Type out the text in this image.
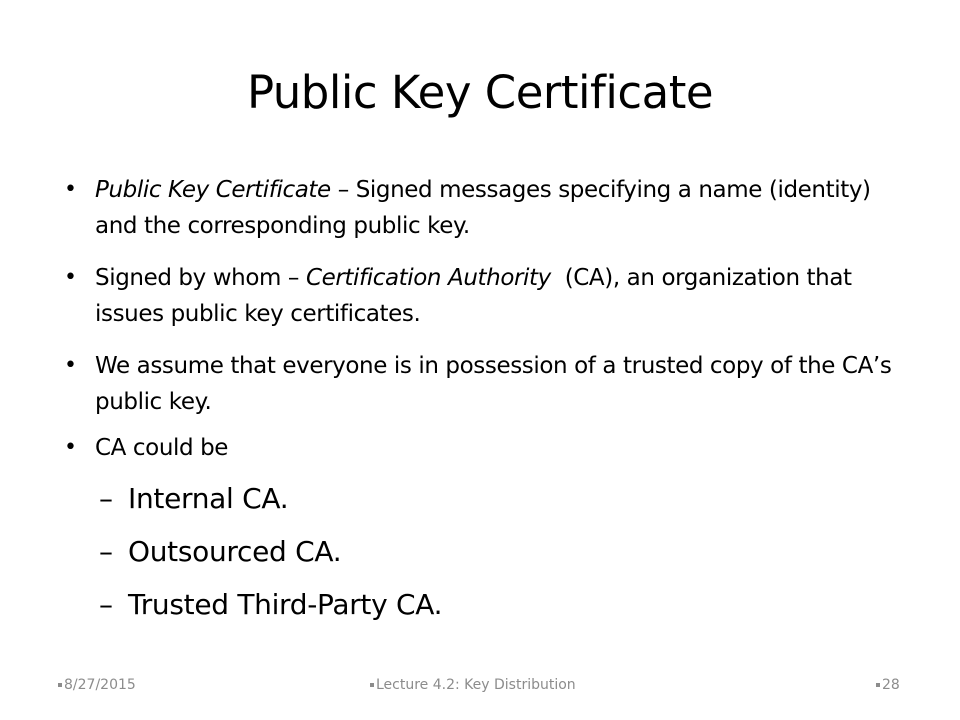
Public Key Certificate
• Public Key Certificate – Signed messages specifying a name (identity) and the corresponding public key.
• Signed by whom – Certification Authority  (CA), an organization that issues public key certificates.
• We assume that everyone is in possession of a trusted copy of the CA’s public key.
• CA could be
– Internal CA.
– Outsourced CA.
– Trusted Third-Party CA.
8/27/2015	Lecture 4.2: Key Distribution	28
